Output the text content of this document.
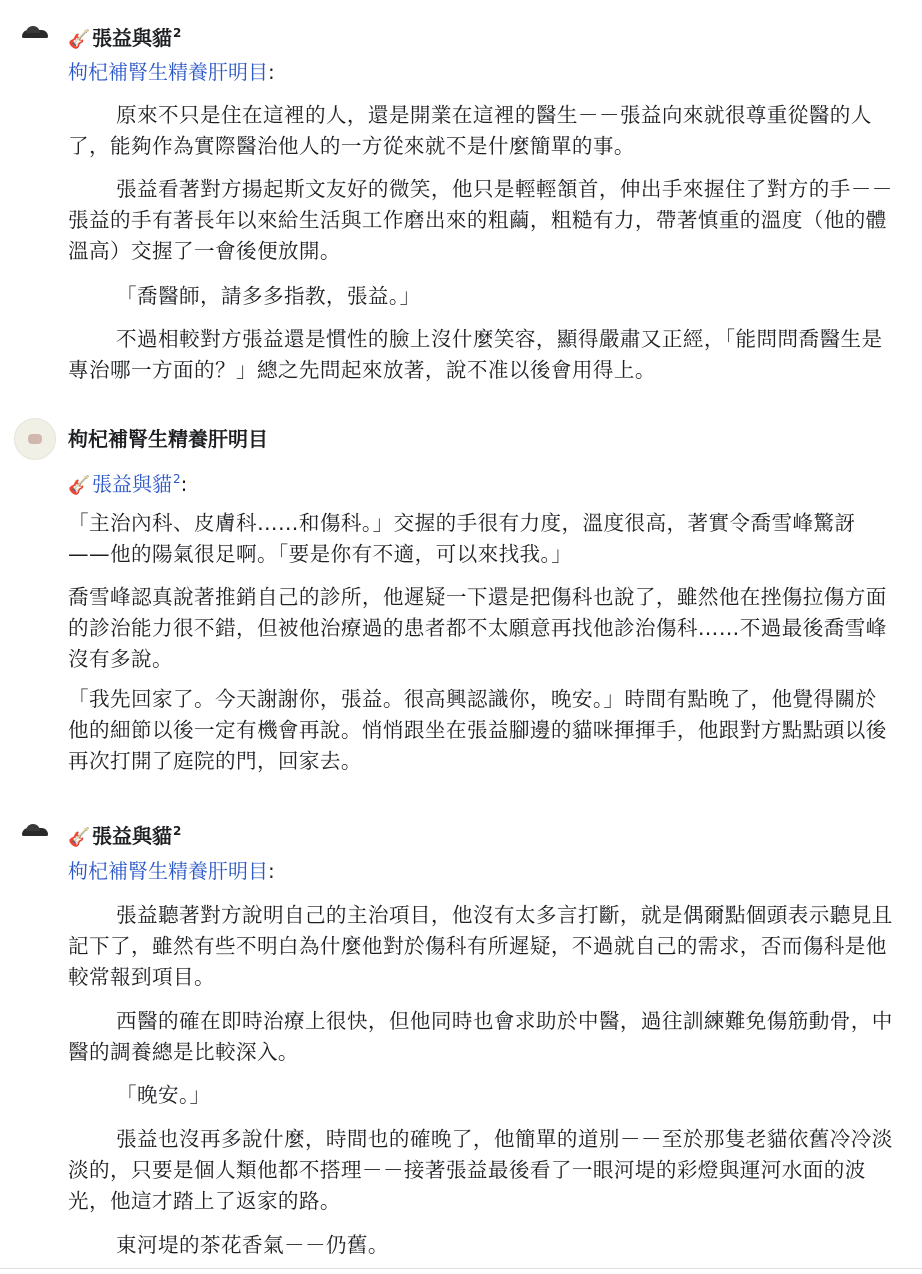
🎸張益與貓$^2$
枸杞補腎生精養肝明目:
原來不只是住在這裡的人，還是開業在這裡的醫生－－張益向來就很尊重從醫的人了，能夠作為實際醫治他人的一方從來就不是什麼簡單的事。
張益看著對方揚起斯文友好的微笑，他只是輕輕頷首，伸出手來握住了對方的手－－張益的手有著長年以來給生活與工作磨出來的粗繭，粗糙有力，帶著慎重的溫度（他的體溫高）交握了一會後便放開。
「喬醫師，請多多指教，張益。」
不過相較對方張益還是慣性的臉上沒什麼笑容，顯得嚴肅又正經，「能問問喬醫生是專治哪一方面的？」總之先問起來放著，說不准以後會用得上。
枸杞補腎生精養肝明目
🎸張益與貓$^2$:
「主治內科、皮膚科……和傷科。」交握的手很有力度，溫度很高，著實令喬雪峰驚訝——他的陽氣很足啊。「要是你有不適，可以來找我。」
喬雪峰認真說著推銷自己的診所，他遲疑一下還是把傷科也說了，雖然他在挫傷拉傷方面的診治能力很不錯，但被他治療過的患者都不太願意再找他診治傷科……不過最後喬雪峰沒有多說。
「我先回家了。今天謝謝你，張益。很高興認識你，晚安。」時間有點晚了，他覺得關於他的細節以後一定有機會再說。悄悄跟坐在張益腳邊的貓咪揮揮手，他跟對方點點頭以後再次打開了庭院的門，回家去。
🎸張益與貓$^2$
枸杞補腎生精養肝明目:
張益聽著對方說明自己的主治項目，他沒有太多言打斷，就是偶爾點個頭表示聽見且記下了，雖然有些不明白為什麼他對於傷科有所遲疑，不過就自己的需求，否而傷科是他較常報到項目。
西醫的確在即時治療上很快，但他同時也會求助於中醫，過往訓練難免傷筋動骨，中醫的調養總是比較深入。
「晚安。」
張益也沒再多說什麼，時間也的確晚了，他簡單的道別－－至於那隻老貓依舊冷冷淡淡的，只要是個人類他都不搭理－－接著張益最後看了一眼河堤的彩燈與運河水面的波光，他這才踏上了返家的路。
東河堤的茶花香氣－－仍舊。
